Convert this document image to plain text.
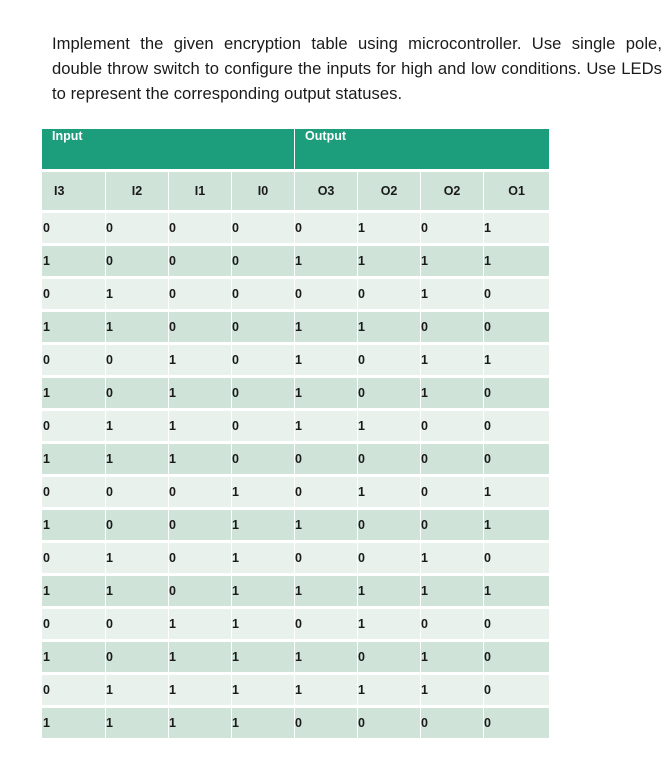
Implement the given encryption table using microcontroller. Use single pole, double throw switch to configure the inputs for high and low conditions. Use LEDs to represent the corresponding output statuses.

Input				Output			
I3	I2	I1	I0	O3	O2	O2	O1
0	0	0	0	0	1	0	1
1	0	0	0	1	1	1	1
0	1	0	0	0	0	1	0
1	1	0	0	1	1	0	0
0	0	1	0	1	0	1	1
1	0	1	0	1	0	1	0
0	1	1	0	1	1	0	0
1	1	1	0	0	0	0	0
0	0	0	1	0	1	0	1
1	0	0	1	1	0	0	1
0	1	0	1	0	0	1	0
1	1	0	1	1	1	1	1
0	0	1	1	0	1	0	0
1	0	1	1	1	0	1	0
0	1	1	1	1	1	1	0
1	1	1	1	0	0	0	0
